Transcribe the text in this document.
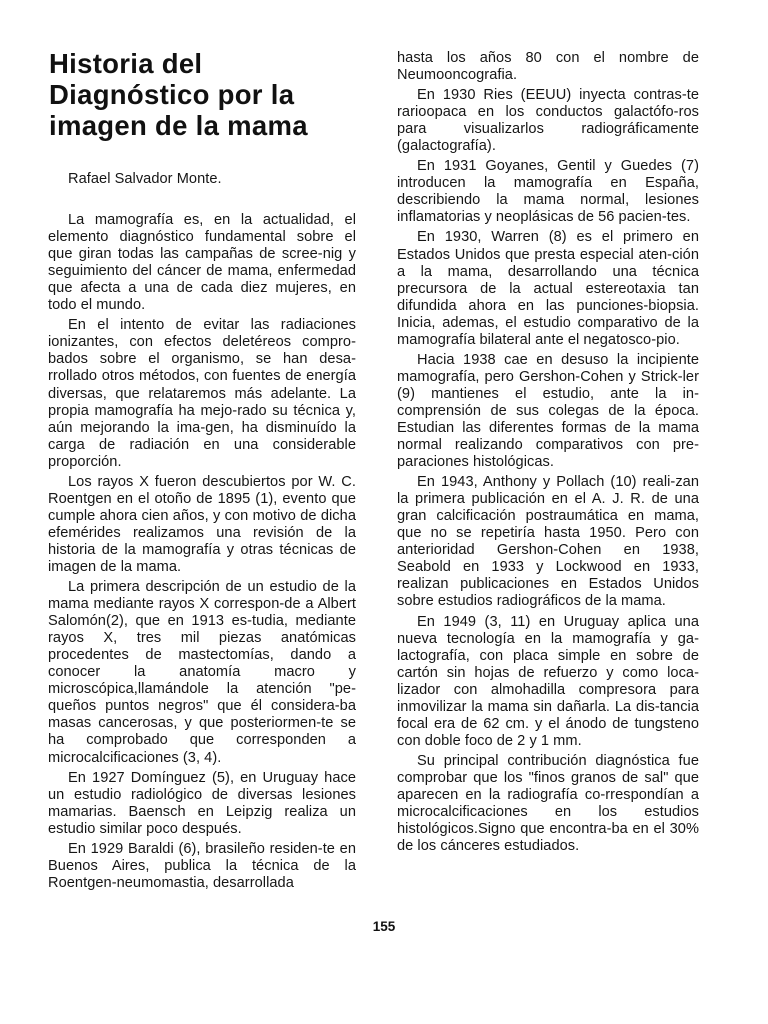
Historia del
Diagnóstico por la
imagen de la mama
Rafael Salvador Monte.

La mamografía es, en la actualidad, el elemento diagnóstico fundamental sobre el que giran todas las campañas de scree-nig y seguimiento del cáncer de mama, enfermedad que afecta a una de cada diez mujeres, en todo el mundo.

En el intento de evitar las radiaciones ionizantes, con efectos deletéreos compro-bados sobre el organismo, se han desa-rrollado otros métodos, con fuentes de energía diversas, que relataremos más adelante. La propia mamografía ha mejo-rado su técnica y, aún mejorando la ima-gen, ha disminuído la carga de radiación en una considerable proporción.

Los rayos X fueron descubiertos por W. C. Roentgen en el otoño de 1895 (1), evento que cumple ahora cien años, y con motivo de dicha efemérides realizamos una revisión de la historia de la mamografía y otras técnicas de imagen de la mama.

La primera descripción de un estudio de la mama mediante rayos X correspon-de a Albert Salomón(2), que en 1913 es-tudia, mediante rayos X, tres mil piezas anatómicas procedentes de mastectomías, dando a conocer la anatomía macro y microscópica,llamándole la atención "pe-queños puntos negros" que él considera-ba masas cancerosas, y que posteriormen-te se ha comprobado que corresponden a microcalcificaciones (3, 4).

En 1927 Domínguez (5), en Uruguay hace un estudio radiológico de diversas lesiones mamarias. Baensch en Leipzig realiza un estudio similar poco después.

En 1929 Baraldi (6), brasileño residen-te en Buenos Aires, publica la técnica de la Roentgen-neumomastia, desarrollada

hasta los años 80 con el nombre de Neumooncografia.

En 1930 Ries (EEUU) inyecta contras-te rarioopaca en los conductos galactófo-ros para visualizarlos radiográficamente (galactografía).

En 1931 Goyanes, Gentil y Guedes (7) introducen la mamografía en España, describiendo la mama normal, lesiones inflamatorias y neoplásicas de 56 pacien-tes.

En 1930, Warren (8) es el primero en Estados Unidos que presta especial aten-ción a la mama, desarrollando una técnica precursora de la actual estereotaxia tan difundida ahora en las punciones-biopsia. Inicia, ademas, el estudio comparativo de la mamografía bilateral ante el negatosco-pio.

Hacia 1938 cae en desuso la incipiente mamografía, pero Gershon-Cohen y Strick-ler (9) mantienes el estudio, ante la in-comprensión de sus colegas de la época. Estudian las diferentes formas de la mama normal realizando comparativos con pre-paraciones histológicas.

En 1943, Anthony y Pollach (10) reali-zan la primera publicación en el A. J. R. de una gran calcificación postraumática en mama, que no se repetiría hasta 1950. Pero con anterioridad Gershon-Cohen en 1938, Seabold en 1933 y Lockwood en 1933, realizan publicaciones en Estados Unidos sobre estudios radiográficos de la mama.

En 1949 (3, 11) en Uruguay aplica una nueva tecnología en la mamografía y ga-lactografía, con placa simple en sobre de cartón sin hojas de refuerzo y como loca-lizador con almohadilla compresora para inmovilizar la mama sin dañarla. La dis-tancia focal era de 62 cm. y el ánodo de tungsteno con doble foco de 2 y 1 mm.

Su principal contribución diagnóstica fue comprobar que los "finos granos de sal" que aparecen en la radiografía co-rrespondían a microcalcificaciones en los estudios histológicos.Signo que encontra-ba en el 30% de los cánceres estudiados.

155
